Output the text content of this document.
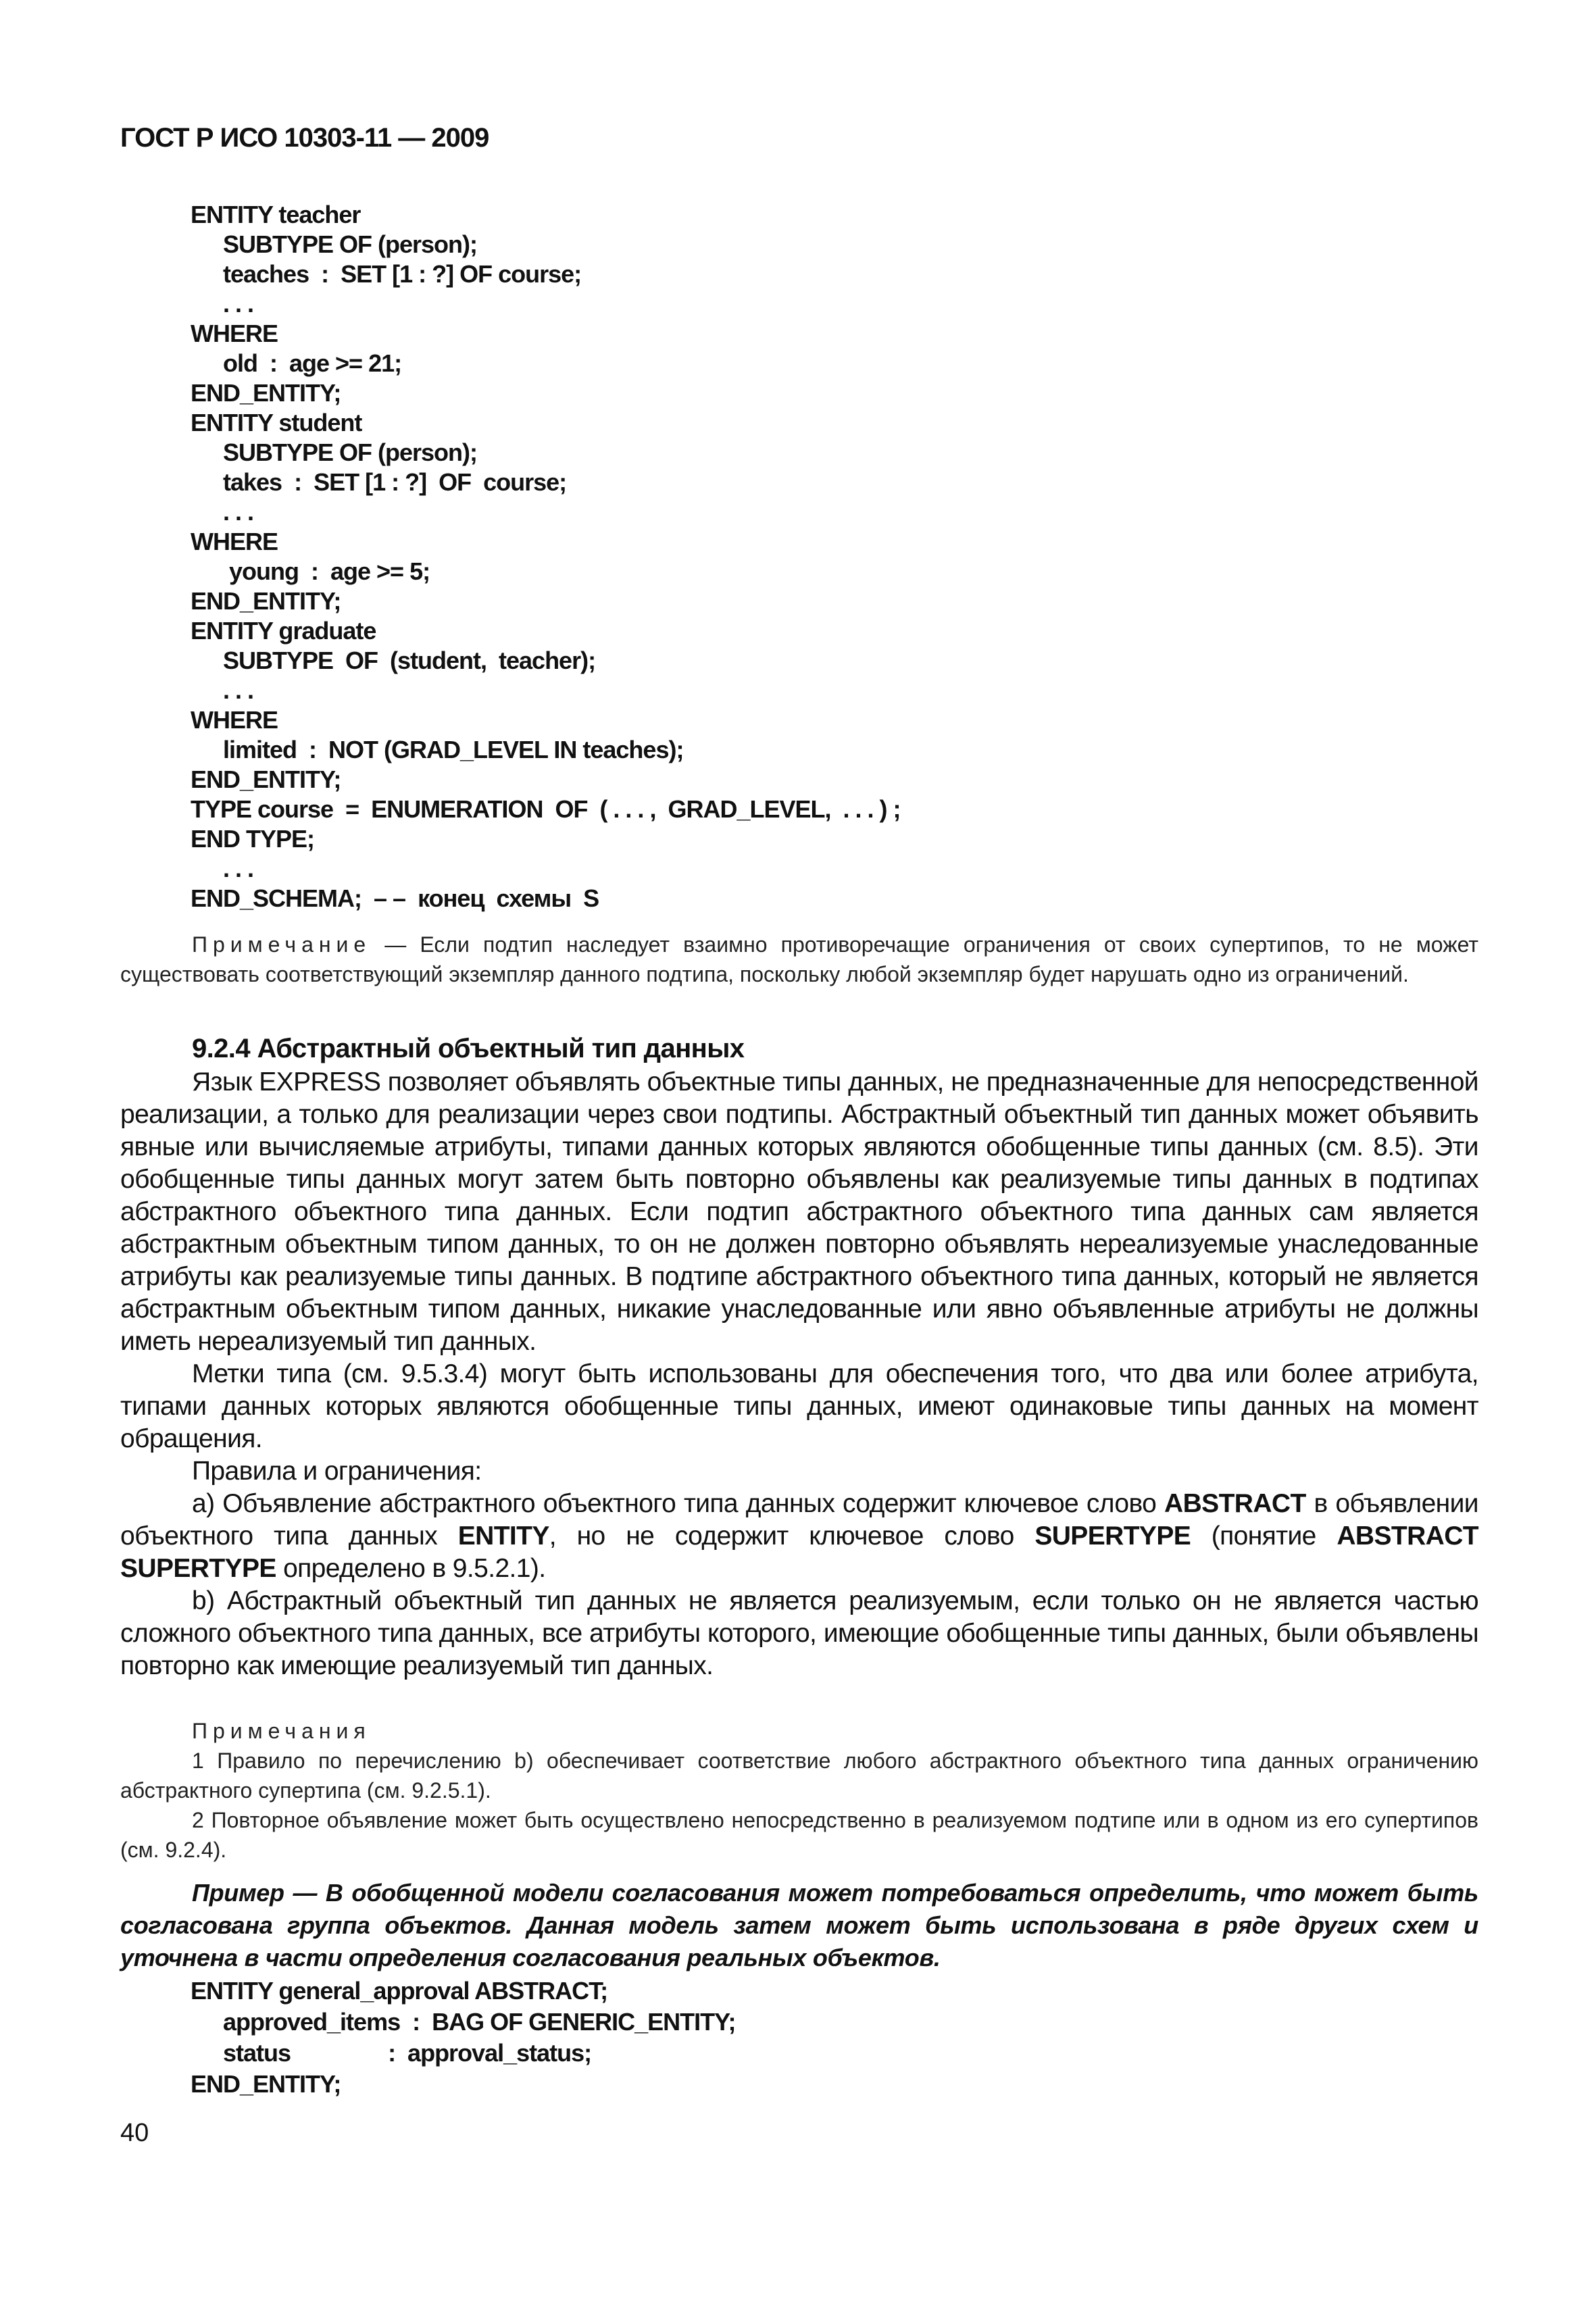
ГОСТ Р ИСО 10303-11 — 2009
ENTITY teacher
SUBTYPE OF (person);
teaches  :  SET [1 : ?] OF course;
. . .
WHERE
old  :  age >= 21;
END_ENTITY;
ENTITY student
SUBTYPE OF (person);
takes  :  SET [1 : ?]  OF  course;
. . .
WHERE
young  :  age >= 5;
END_ENTITY;
ENTITY graduate
SUBTYPE  OF  (student,  teacher);
. . .
WHERE
limited  :  NOT (GRAD_LEVEL IN teaches);
END_ENTITY;
TYPE course  =  ENUMERATION  OF  ( . . . ,  GRAD_LEVEL,  . . . ) ;
END TYPE;
. . .
END_SCHEMA;  – –  конец  схемы  S
Примечание — Если подтип наследует взаимно противоречащие ограничения от своих супертипов, то не может существовать соответствующий экземпляр данного подтипа, поскольку любой экземпляр будет нарушать одно из ограничений.
9.2.4 Абстрактный объектный тип данных

Язык EXPRESS позволяет объявлять объектные типы данных, не предназначенные для непосредственной реализации, а только для реализации через свои подтипы. Абстрактный объектный тип данных может объявить явные или вычисляемые атрибуты, типами данных которых являются обобщенные типы данных (см. 8.5). Эти обобщенные типы данных могут затем быть повторно объявлены как реализуемые типы данных в подтипах абстрактного объектного типа данных. Если подтип абстрактного объектного типа данных сам является абстрактным объектным типом данных, то он не должен повторно объявлять нереализуемые унаследованные атрибуты как реализуемые типы данных. В подтипе абстрактного объектного типа данных, который не является абстрактным объектным типом данных, никакие унаследованные или явно объявленные атрибуты не должны иметь нереализуемый тип данных.

Метки типа (см. 9.5.3.4) могут быть использованы для обеспечения того, что два или более атрибута, типами данных которых являются обобщенные типы данных, имеют одинаковые типы данных на момент обращения.

Правила и ограничения:

a) Объявление абстрактного объектного типа данных содержит ключевое слово ABSTRACT в объявлении объектного типа данных ENTITY, но не содержит ключевое слово SUPERTYPE (понятие ABSTRACT SUPERTYPE определено в 9.5.2.1).

b) Абстрактный объектный тип данных не является реализуемым, если только он не является частью сложного объектного типа данных, все атрибуты которого, имеющие обобщенные типы данных, были объявлены повторно как имеющие реализуемый тип данных.

Примечания

1 Правило по перечислению b) обеспечивает соответствие любого абстрактного объектного типа данных ограничению абстрактного супертипа (см. 9.2.5.1).

2 Повторное объявление может быть осуществлено непосредственно в реализуемом подтипе или в одном из его супертипов (см. 9.2.4).

Пример — В обобщенной модели согласования может потребоваться определить, что может быть согласована группа объектов. Данная модель затем может быть использована в ряде других схем и уточнена в части определения согласования реальных объектов.
ENTITY general_approval ABSTRACT;
approved_items  :  BAG OF GENERIC_ENTITY;
status                :  approval_status;
END_ENTITY;
40
